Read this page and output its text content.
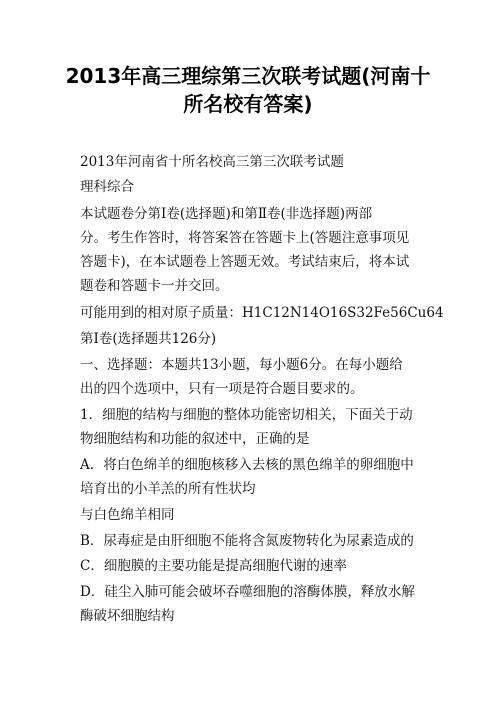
2013年高三理综第三次联考试题(河南十
所名校有答案)
2013年河南省十所名校高三第三次联考试题
理科综合
本试题卷分第Ⅰ卷(选择题)和第Ⅱ卷(非选择题)两部
分。考生作答时，将答案答在答题卡上(答题注意事项见
答题卡)，在本试题卷上答题无效。考试结束后，将本试
题卷和答题卡一并交回。
可能用到的相对原子质量：H1C12N14O16S32Fe56Cu64
第Ⅰ卷(选择题共126分)
一、选择题：本题共13小题，每小题6分。在每小题给
出的四个选项中，只有一项是符合题目要求的。
1．细胞的结构与细胞的整体功能密切相关，下面关于动
物细胞结构和功能的叙述中，正确的是
A．将白色绵羊的细胞核移入去核的黑色绵羊的卵细胞中
培育出的小羊羔的所有性状均
与白色绵羊相同
B．尿毒症是由肝细胞不能将含氮废物转化为尿素造成的
C．细胞膜的主要功能是提高细胞代谢的速率
D．硅尘入肺可能会破坏吞噬细胞的溶酶体膜，释放水解
酶破坏细胞结构
